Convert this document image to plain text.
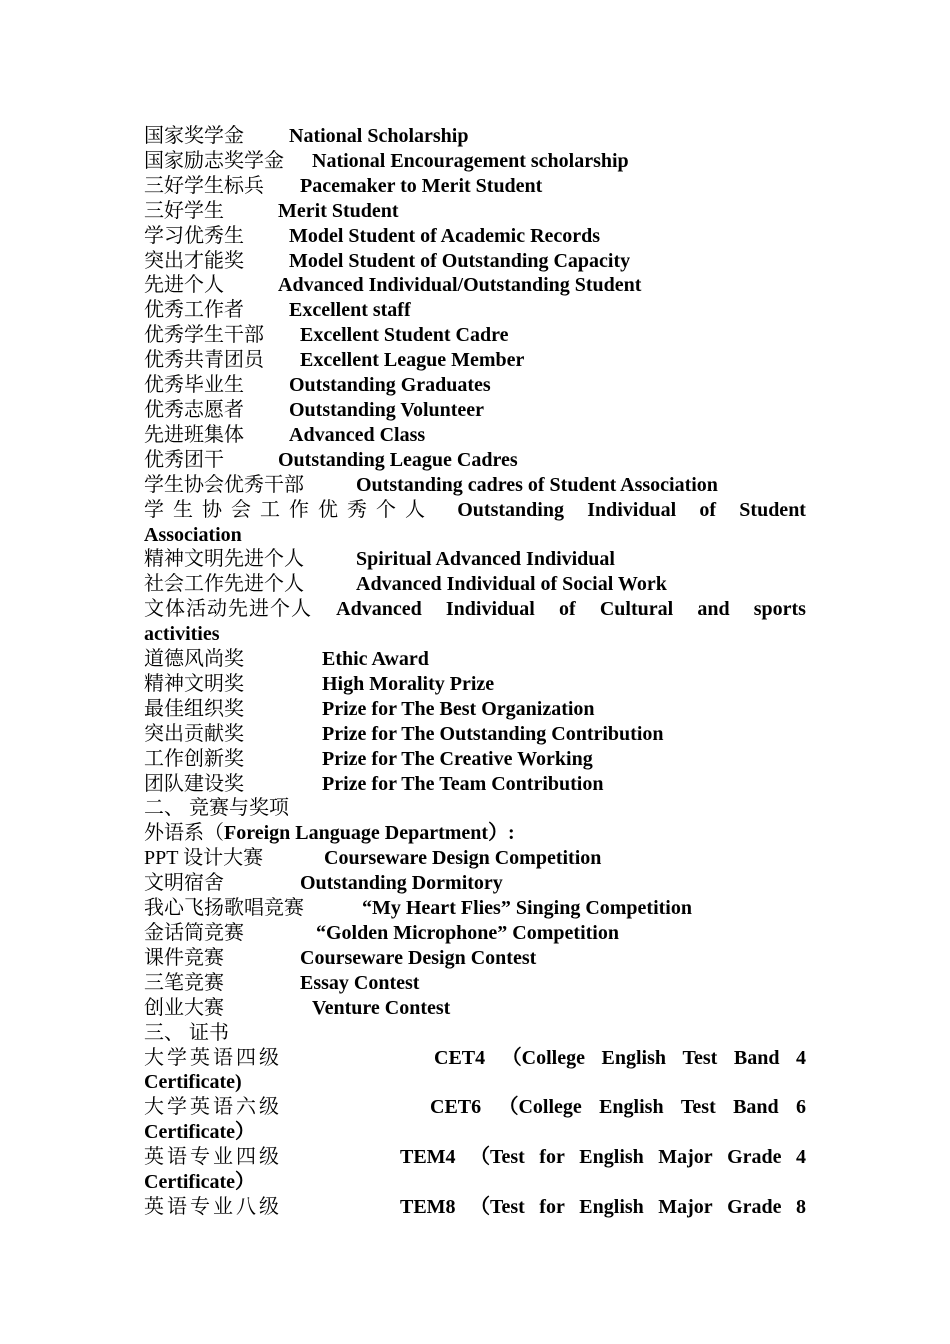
国家奖学金	National Scholarship
国家励志奖学金	National Encouragement scholarship
三好学生标兵	Pacemaker to Merit Student
三好学生	Merit Student
学习优秀生	Model Student of Academic Records
突出才能奖	Model Student of Outstanding Capacity
先进个人	Advanced Individual/Outstanding Student
优秀工作者	Excellent staff
优秀学生干部	Excellent Student Cadre
优秀共青团员	Excellent League Member
优秀毕业生	Outstanding Graduates
优秀志愿者	Outstanding Volunteer
先进班集体	Advanced Class
优秀团干	Outstanding League Cadres
学生协会优秀干部	Outstanding cadres of Student Association
学生协会工作优秀个人 Outstanding Individual of Student
Association
精神文明先进个人	Spiritual Advanced Individual
社会工作先进个人	Advanced Individual of Social Work
文体活动先进个人 Advanced Individual of Cultural and sports
activities
道德风尚奖	Ethic Award
精神文明奖	High Morality Prize
最佳组织奖	Prize for The Best Organization
突出贡献奖	Prize for The Outstanding Contribution
工作创新奖	Prize for The Creative Working
团队建设奖	Prize for The Team Contribution
二、 竞赛与奖项
外语系（ Foreign Language Department ）:
PPT 设计大赛	Courseware Design Competition
文明宿舍	Outstanding Dormitory
我心飞扬歌唱竞赛	“My Heart Flies” Singing Competition
金话筒竞赛	“Golden Microphone” Competition
课件竞赛	Courseware Design Contest
三笔竞赛	Essay Contest
创业大赛	Venture Contest
三、 证书
大学英语四级	CET4 （College English Test Band 4
Certificate)
大学英语六级	CET6 （College English Test Band 6
Certificate）
英语专业四级	TEM4 （Test for English Major Grade 4
Certificate）
英语专业八级	TEM8 （Test for English Major Grade 8
